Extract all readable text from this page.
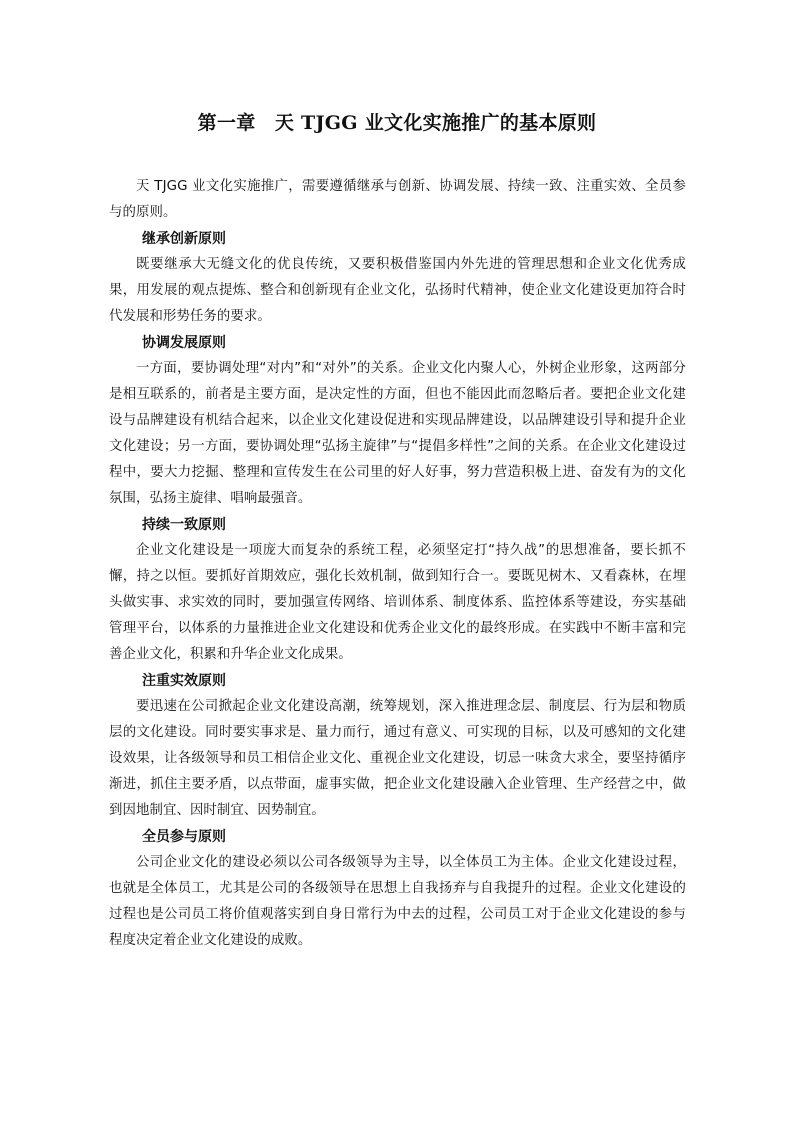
第一章　天 TJGG 业文化实施推广的基本原则

天 TJGG 业文化实施推广，需要遵循继承与创新、协调发展、持续一致、注重实效、全员参与的原则。

继承创新原则

既要继承大无缝文化的优良传统，又要积极借鉴国内外先进的管理思想和企业文化优秀成果，用发展的观点提炼、整合和创新现有企业文化，弘扬时代精神，使企业文化建设更加符合时代发展和形势任务的要求。

协调发展原则

一方面，要协调处理“对内”和“对外”的关系。企业文化内聚人心，外树企业形象，这两部分是相互联系的，前者是主要方面，是决定性的方面，但也不能因此而忽略后者。要把企业文化建设与品牌建设有机结合起来，以企业文化建设促进和实现品牌建设，以品牌建设引导和提升企业文化建设；另一方面，要协调处理“弘扬主旋律”与“提倡多样性”之间的关系。在企业文化建设过程中，要大力挖掘、整理和宣传发生在公司里的好人好事，努力营造积极上进、奋发有为的文化氛围，弘扬主旋律、唱响最强音。

持续一致原则

企业文化建设是一项庞大而复杂的系统工程，必须坚定打“持久战”的思想准备，要长抓不懈，持之以恒。要抓好首期效应，强化长效机制，做到知行合一。要既见树木、又看森林，在埋头做实事、求实效的同时，要加强宣传网络、培训体系、制度体系、监控体系等建设，夯实基础管理平台，以体系的力量推进企业文化建设和优秀企业文化的最终形成。在实践中不断丰富和完善企业文化，积累和升华企业文化成果。

注重实效原则

要迅速在公司掀起企业文化建设高潮，统筹规划，深入推进理念层、制度层、行为层和物质层的文化建设。同时要实事求是、量力而行，通过有意义、可实现的目标，以及可感知的文化建设效果，让各级领导和员工相信企业文化、重视企业文化建设，切忌一味贪大求全，要坚持循序渐进，抓住主要矛盾，以点带面，虚事实做，把企业文化建设融入企业管理、生产经营之中，做到因地制宜、因时制宜、因势制宜。

全员参与原则

公司企业文化的建设必须以公司各级领导为主导，以全体员工为主体。企业文化建设过程，也就是全体员工，尤其是公司的各级领导在思想上自我扬弃与自我提升的过程。企业文化建设的过程也是公司员工将价值观落实到自身日常行为中去的过程，公司员工对于企业文化建设的参与程度决定着企业文化建设的成败。
